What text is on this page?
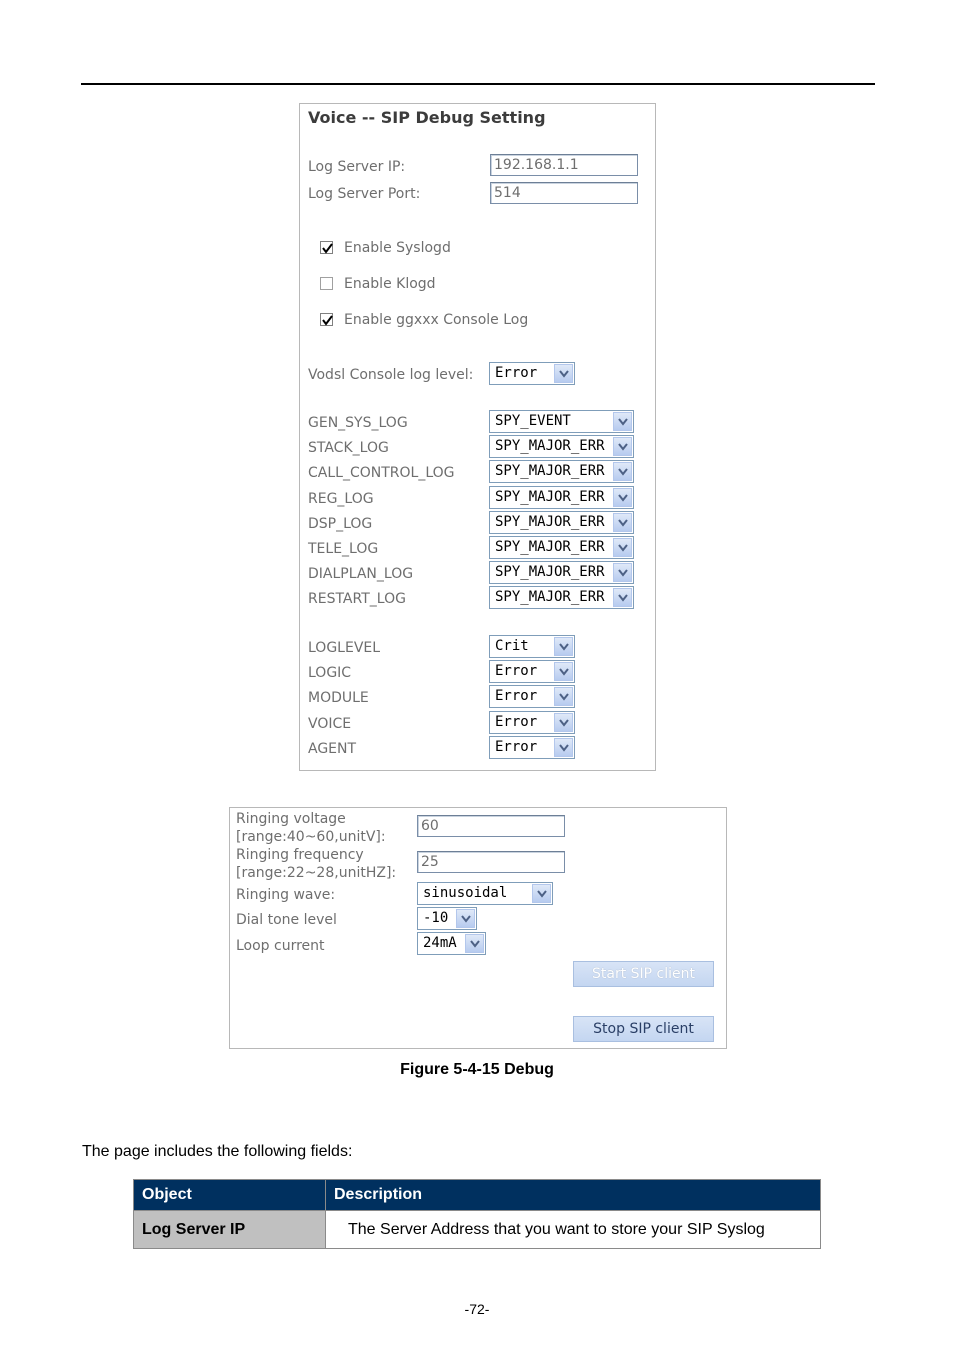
Voice -- SIP Debug Setting
Log Server IP:	192.168.1.1
Log Server Port:	514
Enable Syslogd
Enable Klogd
Enable ggxxx Console Log
Vodsl Console log level: Error
GEN_SYS_LOG	SPY_EVENT
STACK_LOG	SPY_MAJOR_ERR
CALL_CONTROL_LOG	SPY_MAJOR_ERR
REG_LOG	SPY_MAJOR_ERR
DSP_LOG	SPY_MAJOR_ERR
TELE_LOG	SPY_MAJOR_ERR
DIALPLAN_LOG	SPY_MAJOR_ERR
RESTART_LOG	SPY_MAJOR_ERR
LOGLEVEL	Crit
LOGIC	Error
MODULE	Error
VOICE	Error
AGENT	Error
Ringing voltage
[range:40~60,unitV]:
60
Ringing frequency
[range:22~28,unitHZ]:
25
Ringing wave:	sinusoidal
Dial tone level	-10
Loop current	24mA
Start SIP client
Stop SIP client
Figure 5-4-15 Debug
The page includes the following fields:
Object	Description
Log Server IP	The Server Address that you want to store your SIP Syslog
-72-
